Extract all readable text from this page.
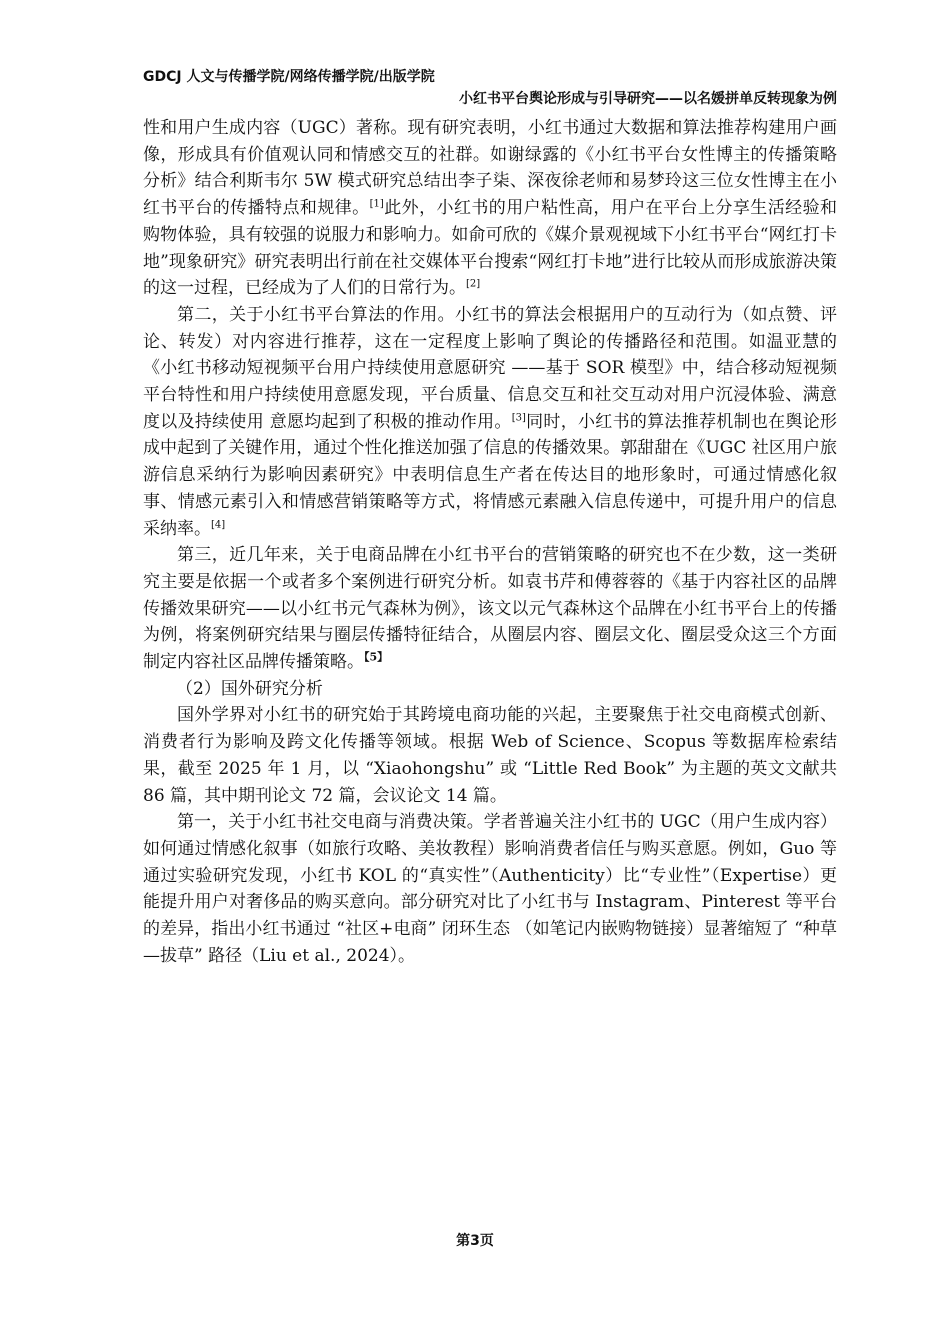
GDCJ 人文与传播学院/网络传播学院/出版学院
小红书平台舆论形成与引导研究——以名媛拼单反转现象为例

性和用户生成内容（UGC）著称。现有研究表明，小红书通过大数据和算法推荐构建用户画像，形成具有价值观认同和情感交互的社群。如谢绿露的《小红书平台女性博主的传播策略分析》结合利斯韦尔 5W 模式研究总结出李子柒、深夜徐老师和易梦玲这三位女性博主在小红书平台的传播特点和规律。[1]此外，小红书的用户粘性高，用户在平台上分享生活经验和购物体验，具有较强的说服力和影响力。如俞可欣的《媒介景观视域下小红书平台“网红打卡地”现象研究》研究表明出行前在社交媒体平台搜索“网红打卡地”进行比较从而形成旅游决策 的这一过程，已经成为了人们的日常行为。[2]

第二，关于小红书平台算法的作用。小红书的算法会根据用户的互动行为（如点赞、评论、转发）对内容进行推荐，这在一定程度上影响了舆论的传播路径和范围。如温亚慧的《小红书移动短视频平台用户持续使用意愿研究 ——基于 SOR 模型》中，结合移动短视频平台特性和用户持续使用意愿发现，平台质量、信息交互和社交互动对用户沉浸体验、满意度以及持续使用 意愿均起到了积极的推动作用。[3]同时，小红书的算法推荐机制也在舆论形成中起到了关键作用，通过个性化推送加强了信息的传播效果。郭甜甜在《UGC 社区用户旅游信息采纳行为影响因素研究》中表明信息生产者在传达目的地形象时，可通过情感化叙事、情感元素引入和情感营销策略等方式，将情感元素融入信息传递中，可提升用户的信息采纳率。[4]

第三，近几年来，关于电商品牌在小红书平台的营销策略的研究也不在少数，这一类研究主要是依据一个或者多个案例进行研究分析。如袁书芹和傅蓉蓉的《基于内容社区的品牌传播效果研究——以小红书元气森林为例》，该文以元气森林这个品牌在小红书平台上的传播为例，将案例研究结果与圈层传播特征结合，从圈层内容、圈层文化、圈层受众这三个方面制定内容社区品牌传播策略。$^{【5】}$

（2）国外研究分析

国外学界对小红书的研究始于其跨境电商功能的兴起，主要聚焦于社交电商模式创新、消费者行为影响及跨文化传播等领域。根据 Web of Science、Scopus 等数据库检索结果，截至 2025 年 1 月，以 “Xiaohongshu” 或 “Little Red Book” 为主题的英文文献共 86 篇，其中期刊论文 72 篇，会议论文 14 篇。

第一，关于小红书社交电商与消费决策。学者普遍关注小红书的 UGC（用户生成内容）如何通过情感化叙事（如旅行攻略、美妆教程）影响消费者信任与购买意愿。例如，Guo 等通过实验研究发现，小红书 KOL 的“真实性”（Authenticity）比“专业性”（Expertise）更能提升用户对奢侈品的购买意向。部分研究对比了小红书与 Instagram、Pinterest 等平台的差异，指出小红书通过 “社区+电商” 闭环生态 （如笔记内嵌购物链接）显著缩短了 “种草—拔草” 路径（Liu et al., 2024）。

第3页
